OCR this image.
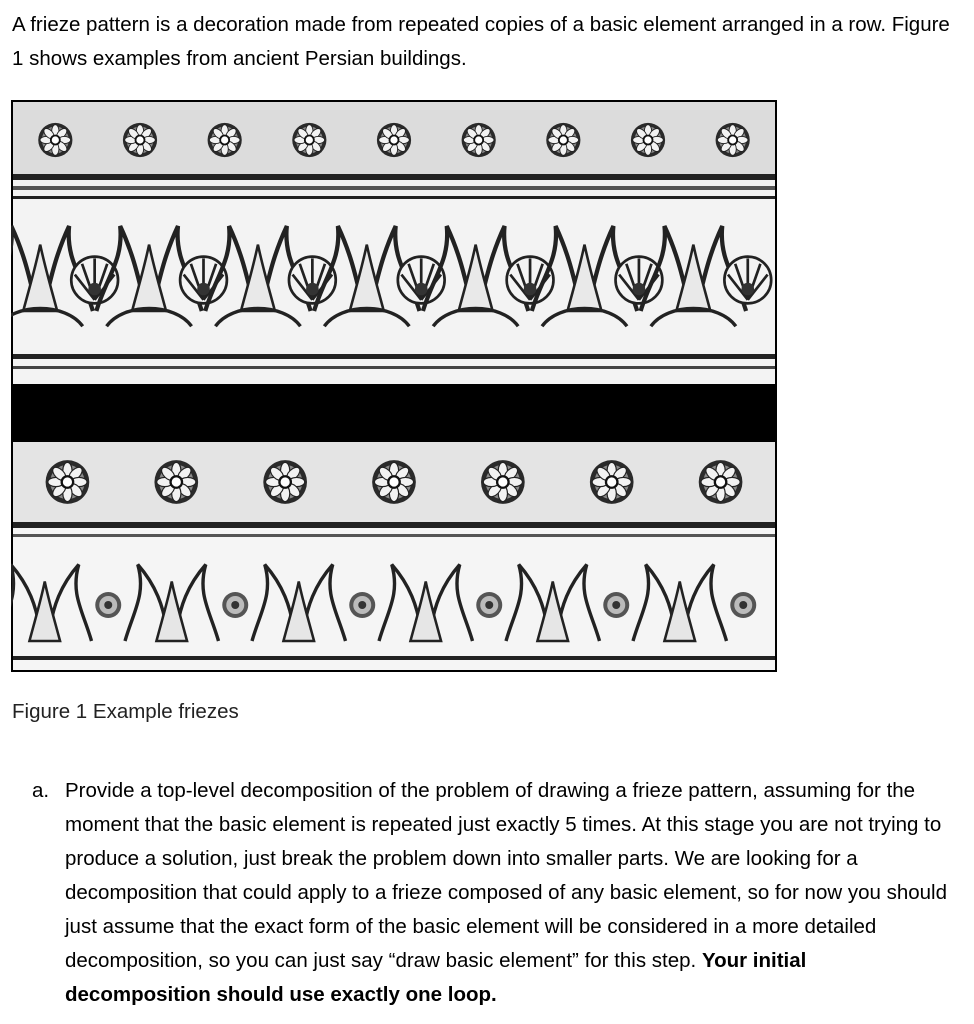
A frieze pattern is a decoration made from repeated copies of a basic element arranged in a row. Figure 1 shows examples from ancient Persian buildings.

Figure 1 Example friezes
a. Provide a top-level decomposition of the problem of drawing a frieze pattern, assuming for the moment that the basic element is repeated just exactly 5 times. At this stage you are not trying to produce a solution, just break the problem down into smaller parts. We are looking for a decomposition that could apply to a frieze composed of any basic element, so for now you should just assume that the exact form of the basic element will be considered in a more detailed decomposition, so you can just say “draw basic element” for this step. Your initial decomposition should use exactly one loop.
